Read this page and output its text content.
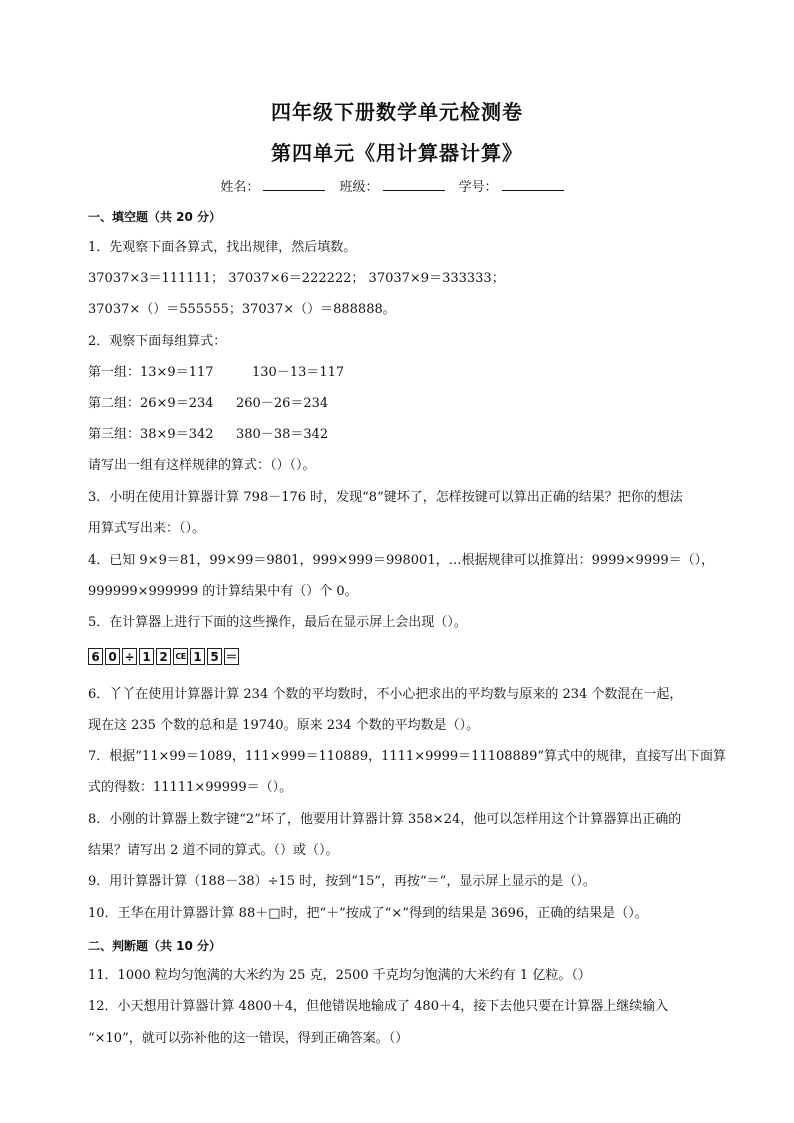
四年级下册数学单元检测卷
第四单元《用计算器计算》
姓名：	班级：	学号：
一、填空题（共 20 分）
1．先观察下面各算式，找出规律，然后填数。
37037×3＝111111； 37037×6＝222222； 37037×9＝333333；
37037×（）＝555555；37037×（）＝888888。
2．观察下面每组算式：
第一组：13×9＝117	130－13＝117
第二组：26×9＝234 260－26＝234
第三组：38×9＝342 380－38＝342
请写出一组有这样规律的算式：（）（）。
3．小明在使用计算器计算 798－176 时，发现“8”键坏了，怎样按键可以算出正确的结果？把你的想法
用算式写出来：（）。
4．已知 9×9＝81，99×99＝9801，999×999＝998001，…根据规律可以推算出：9999×9999＝（），
999999×999999 的计算结果中有（）个 0。
5．在计算器上进行下面的这些操作，最后在显示屏上会出现（）。
6 0 ÷ 1 2 CE 1 5 ＝
6．丫丫在使用计算器计算 234 个数的平均数时，不小心把求出的平均数与原来的 234 个数混在一起，
现在这 235 个数的总和是 19740。原来 234 个数的平均数是（）。
7．根据“11×99＝1089，111×999＝110889，1111×9999＝11108889”算式中的规律，直接写出下面算
式的得数：11111×99999＝（）。
8．小刚的计算器上数字键“2”坏了，他要用计算器计算 358×24，他可以怎样用这个计算器算出正确的
结果？请写出 2 道不同的算式。（）或（）。
9．用计算器计算（188－38）÷15 时，按到“15”，再按“＝”，显示屏上显示的是（）。
10．王华在用计算器计算 88＋□时，把“＋”按成了“×”得到的结果是 3696，正确的结果是（）。
二、判断题（共 10 分）
11．1000 粒均匀饱满的大米约为 25 克，2500 千克均匀饱满的大米约有 1 亿粒。（）
12．小天想用计算器计算 4800＋4，但他错误地输成了 480＋4，接下去他只要在计算器上继续输入
“×10”，就可以弥补他的这一错误，得到正确答案。（）
